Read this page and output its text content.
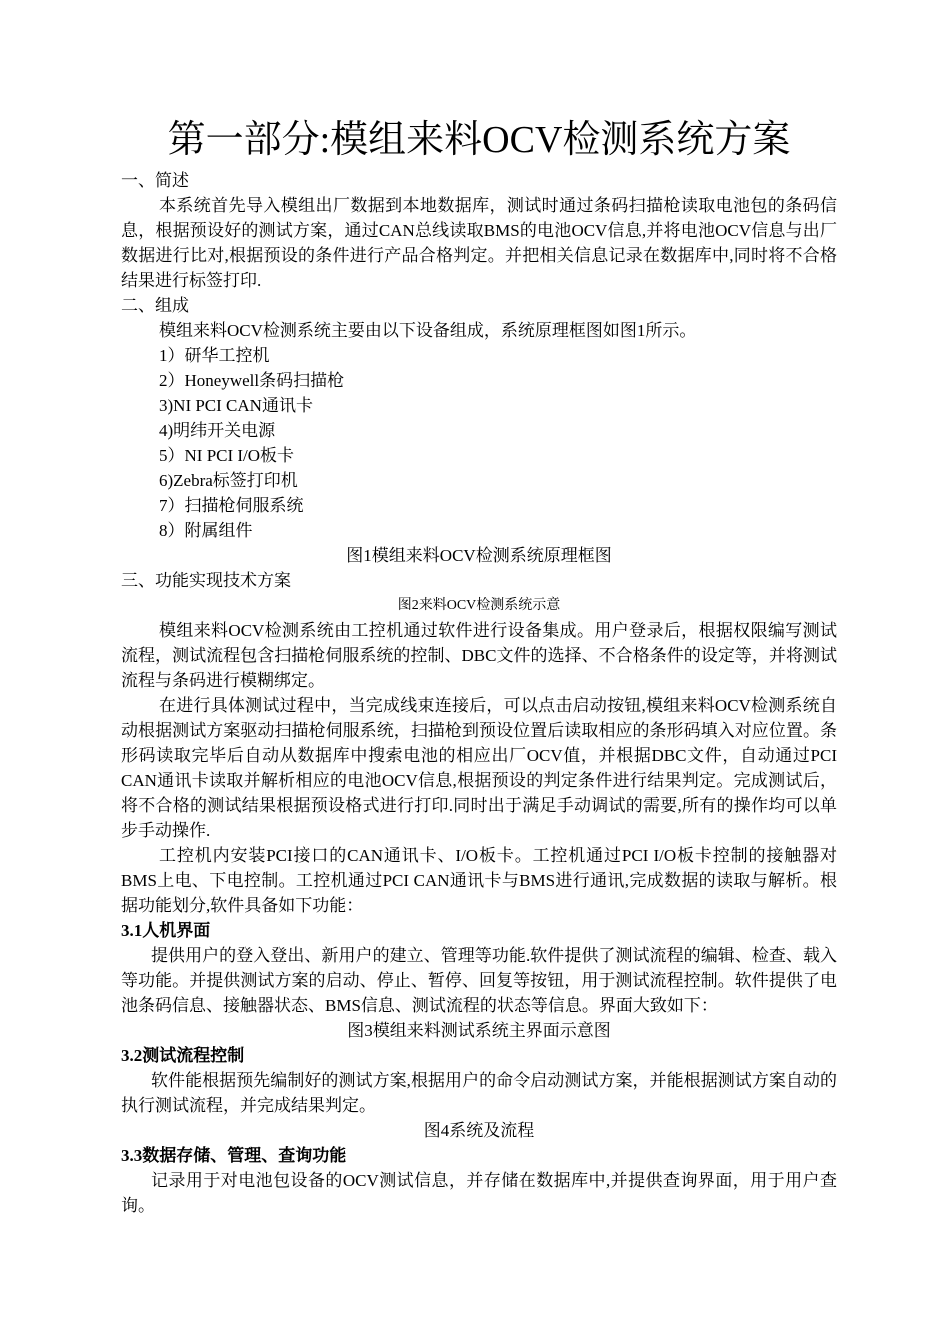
第一部分:模组来料OCV检测系统方案

一、简述

本系统首先导入模组出厂数据到本地数据库，测试时通过条码扫描枪读取电池包的条码信息，根据预设好的测试方案，通过CAN总线读取BMS的电池OCV信息,并将电池OCV信息与出厂数据进行比对,根据预设的条件进行产品合格判定。并把相关信息记录在数据库中,同时将不合格结果进行标签打印.

二、组成

模组来料OCV检测系统主要由以下设备组成，系统原理框图如图1所示。

1）研华工控机
2）Honeywell条码扫描枪
3)NI PCI CAN通讯卡
4)明纬开关电源
5）NI PCI I/O板卡
6)Zebra标签打印机
7）扫描枪伺服系统
8）附属组件

图1模组来料OCV检测系统原理框图

三、功能实现技术方案

图2来料OCV检测系统示意

模组来料OCV检测系统由工控机通过软件进行设备集成。用户登录后，根据权限编写测试流程，测试流程包含扫描枪伺服系统的控制、DBC文件的选择、不合格条件的设定等，并将测试流程与条码进行模糊绑定。

在进行具体测试过程中，当完成线束连接后，可以点击启动按钮,模组来料OCV检测系统自动根据测试方案驱动扫描枪伺服系统，扫描枪到预设位置后读取相应的条形码填入对应位置。条形码读取完毕后自动从数据库中搜索电池的相应出厂OCV值，并根据DBC文件，自动通过PCI CAN通讯卡读取并解析相应的电池OCV信息,根据预设的判定条件进行结果判定。完成测试后，将不合格的测试结果根据预设格式进行打印.同时出于满足手动调试的需要,所有的操作均可以单步手动操作.

工控机内安装PCI接口的CAN通讯卡、I/O板卡。工控机通过PCI I/O板卡控制的接触器对BMS上电、下电控制。工控机通过PCI CAN通讯卡与BMS进行通讯,完成数据的读取与解析。根据功能划分,软件具备如下功能：

3.1人机界面

提供用户的登入登出、新用户的建立、管理等功能.软件提供了测试流程的编辑、检查、载入等功能。并提供测试方案的启动、停止、暂停、回复等按钮，用于测试流程控制。软件提供了电池条码信息、接触器状态、BMS信息、测试流程的状态等信息。界面大致如下：

图3模组来料测试系统主界面示意图

3.2测试流程控制

软件能根据预先编制好的测试方案,根据用户的命令启动测试方案，并能根据测试方案自动的执行测试流程，并完成结果判定。

图4系统及流程

3.3数据存储、管理、查询功能

记录用于对电池包设备的OCV测试信息，并存储在数据库中,并提供查询界面，用于用户查询。
